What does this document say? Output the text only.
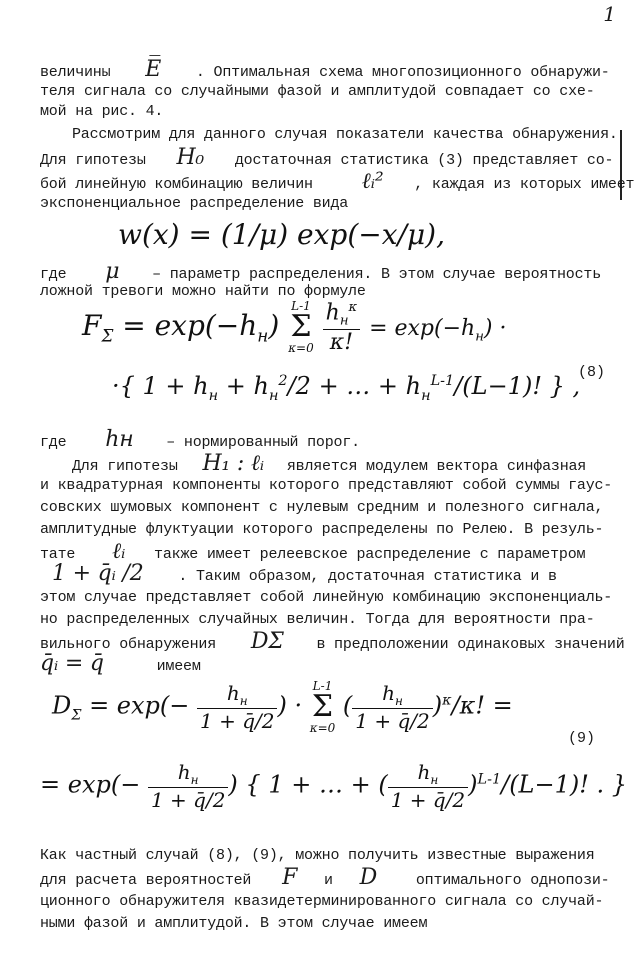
1
величины E̅ . Оптимальная схема многопозиционного обнаружи-
теля сигнала со случайными фазой и амплитудой совпадает со схе-
мой на рис. 4.
Рассмотрим для данного случая показатели качества обнаружения.
Для гипотезы H₀ достаточная статистика (3) представляет со-
бой линейную комбинацию величин ℓᵢ² , каждая из которых имеет
экспоненциальное распределение вида
w(x) = (1/μ) exp(−x/μ),
где μ – параметр распределения. В этом случае вероятность
ложной тревоги можно найти по формуле
$F_\Sigma = \exp(-h_н)$
L-1
Σ
κ=0
$\frac{h_н^\kappa}{\kappa!} = \exp(-h_н)$ ·
·{ $1 + h_н + h_н^2/2$ + … + $h_н^{L-1}/(L-1)$! } ,
(8)
где hн – нормированный порог.
Для гипотезы H₁ : ℓᵢ является модулем вектора синфазная
и квадратурная компоненты которого представляют собой суммы гаус-
совских шумовых компонент с нулевым средним и полезного сигнала,
амплитудные флуктуации которого распределены по Релею. В резуль-
тате ℓᵢ также имеет релеевское распределение с параметром
1 + q̄ᵢ /2 . Таким образом, достаточная статистика и в
этом случае представляет собой линейную комбинацию экспоненциаль-
но распределенных случайных величин. Тогда для вероятности пра-
вильного обнаружения DΣ в предположении одинаковых значений
q̄ᵢ = q̄	имеем
$D_\Sigma = \exp(- \frac{h_н}{1 + q̄/2}$ ) ·
L-1
Σ
κ=0
( $\frac{h_н}{1 + q̄/2} )^\kappa/\kappa$! =
(9)
= $\exp(- \frac{h_н}{1 + q̄/2}$ ) { 1 + … + ( $\frac{h_н}{1 + q̄/2} )^{L-1}/(L-1)$! . }
Как частный случай (8), (9), можно получить известные выражения
для расчета вероятностей F и D	оптимального однопози-
ционного обнаружителя квазидетерминированного сигнала со случай-
ными фазой и амплитудой. В этом случае имеем
